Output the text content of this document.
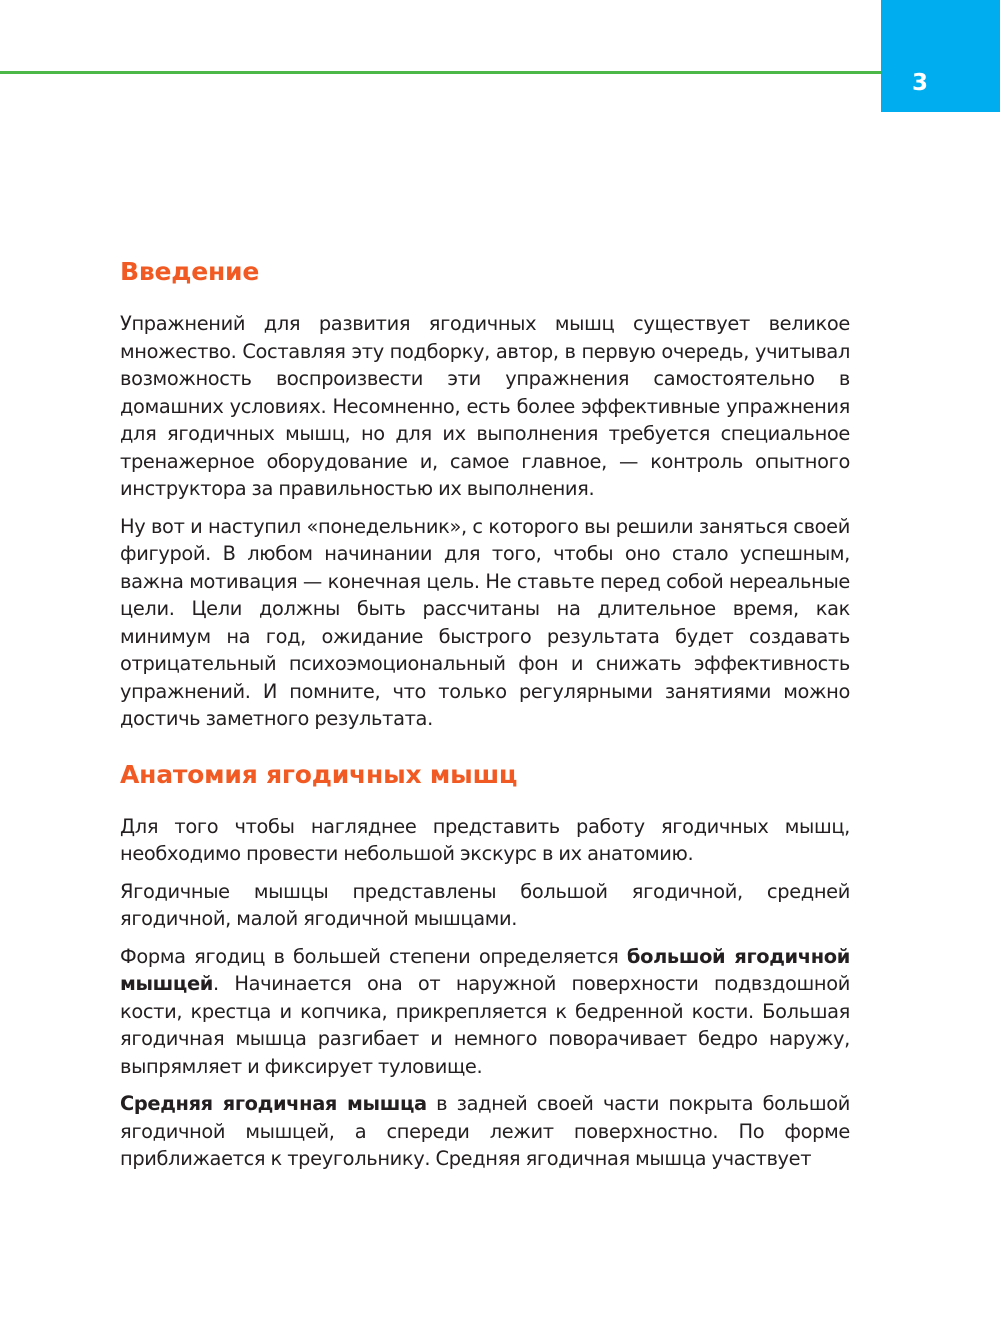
3
Введение

Упражнений для развития ягодичных мышц существует великое множество. Составляя эту подборку, автор, в первую очередь, учитывал возможность воспроизвести эти упражнения самостоятельно в домашних условиях. Несомненно, есть более эффективные упражнения для ягодичных мышц, но для их выполнения требуется специальное тренажерное оборудование и, самое главное, — контроль опытного инструктора за правильностью их выполнения.

Ну вот и наступил «понедельник», с которого вы решили заняться своей фигурой. В любом начинании для того, чтобы оно стало успешным, важна мотивация — конечная цель. Не ставьте перед собой нереальные цели. Цели должны быть рассчитаны на длительное время, как минимум на год, ожидание быстрого результата будет создавать отрицательный психоэмоциональный фон и снижать эффективность упражнений. И помните, что только регулярными занятиями можно достичь заметного результата.

Анатомия ягодичных мышц

Для того чтобы нагляднее представить работу ягодичных мышц, необходимо провести небольшой экскурс в их анатомию.

Ягодичные мышцы представлены большой ягодичной, средней ягодичной, малой ягодичной мышцами.

Форма ягодиц в большей степени определяется большой ягодичной мышцей. Начинается она от наружной поверхности подвздошной кости, крестца и копчика, прикрепляется к бедренной кости. Большая ягодичная мышца разгибает и немного поворачивает бедро наружу, выпрямляет и фиксирует туловище.

Средняя ягодичная мышца в задней своей части покрыта большой ягодичной мышцей, а спереди лежит поверхностно. По форме приближается к треугольнику. Средняя ягодичная мышца участвует
